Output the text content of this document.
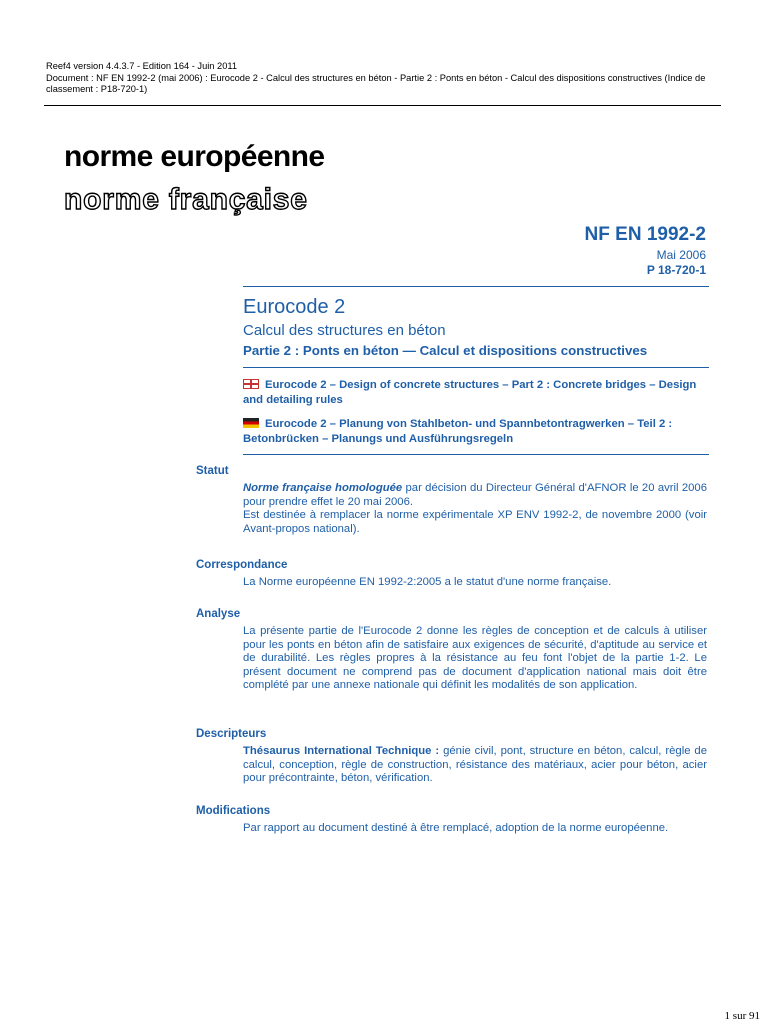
Reef4 version 4.4.3.7 - Edition 164 - Juin 2011
Document : NF EN 1992-2 (mai 2006) : Eurocode 2 - Calcul des structures en béton - Partie 2 : Ponts en béton - Calcul des dispositions constructives (Indice de classement : P18-720-1)
norme européenne
norme française
NF EN 1992-2
Mai 2006
P 18-720-1
Eurocode 2
Calcul des structures en béton
Partie 2 : Ponts en béton — Calcul et dispositions constructives
Eurocode 2 – Design of concrete structures – Part 2 : Concrete bridges – Design and detailing rules
Eurocode 2 – Planung von Stahlbeton- und Spannbetontragwerken – Teil 2 : Betonbrücken – Planungs und Ausführungsregeln
Statut

Norme française homologuée par décision du Directeur Général d'AFNOR le 20 avril 2006 pour prendre effet le 20 mai 2006.

Est destinée à remplacer la norme expérimentale XP ENV 1992-2, de novembre 2000 (voir Avant-propos national).

Correspondance

La Norme européenne EN 1992-2:2005 a le statut d'une norme française.

Analyse

La présente partie de l'Eurocode 2 donne les règles de conception et de calculs à utiliser pour les ponts en béton afin de satisfaire aux exigences de sécurité, d'aptitude au service et de durabilité. Les règles propres à la résistance au feu font l'objet de la partie 1-2. Le présent document ne comprend pas de document d'application national mais doit être complété par une annexe nationale qui définit les modalités de son application.

Descripteurs

Thésaurus International Technique : génie civil, pont, structure en béton, calcul, règle de calcul, conception, règle de construction, résistance des matériaux, acier pour béton, acier pour précontrainte, béton, vérification.

Modifications

Par rapport au document destiné à être remplacé, adoption de la norme européenne.

1 sur 91
